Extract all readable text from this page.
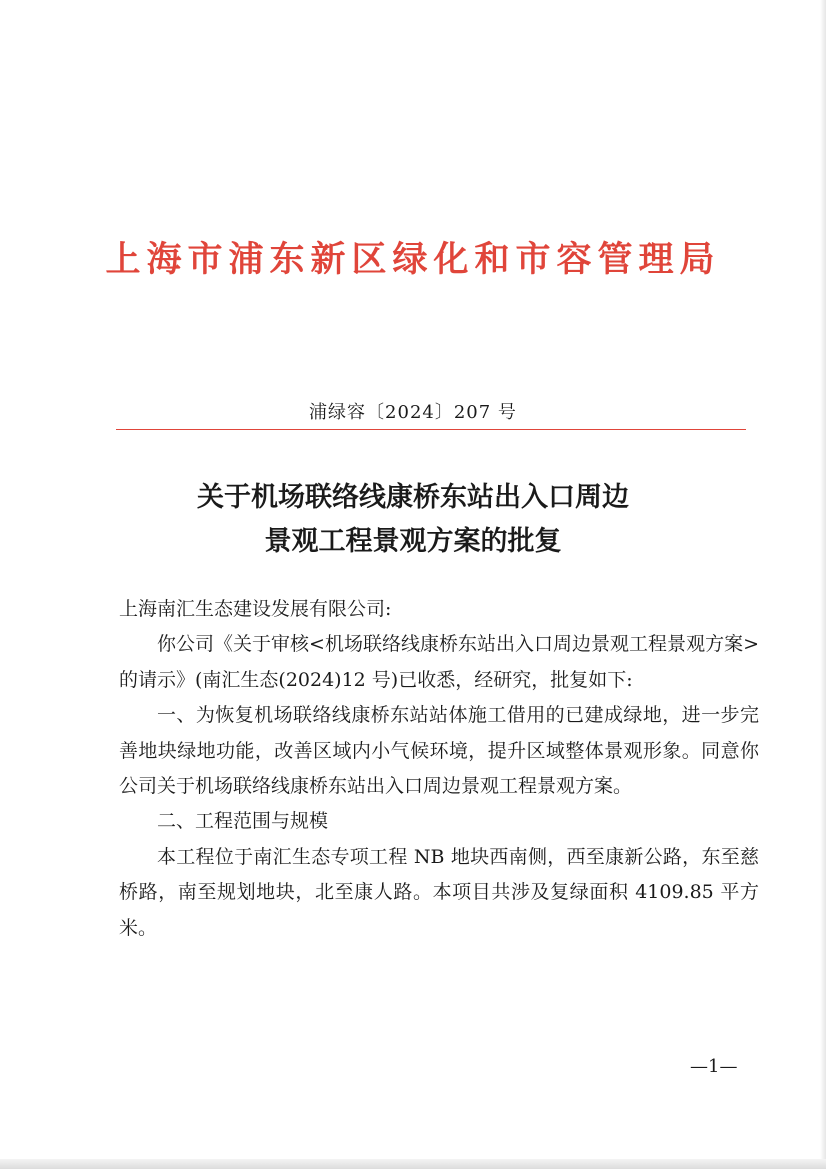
上海市浦东新区绿化和市容管理局
浦绿容〔2024〕207 号
关于机场联络线康桥东站出入口周边
景观工程景观方案的批复

上海南汇生态建设发展有限公司:

你公司《关于审核<机场联络线康桥东站出入口周边景观工程景观方案>的请示》(南汇生态(2024)12 号)已收悉，经研究，批复如下:

一、为恢复机场联络线康桥东站站体施工借用的已建成绿地，进一步完善地块绿地功能，改善区域内小气候环境，提升区域整体景观形象。同意你公司关于机场联络线康桥东站出入口周边景观工程景观方案。

二、工程范围与规模

本工程位于南汇生态专项工程 NB 地块西南侧，西至康新公路，东至慈桥路，南至规划地块，北至康人路。本项目共涉及复绿面积 4109.85 平方米。

—1—
